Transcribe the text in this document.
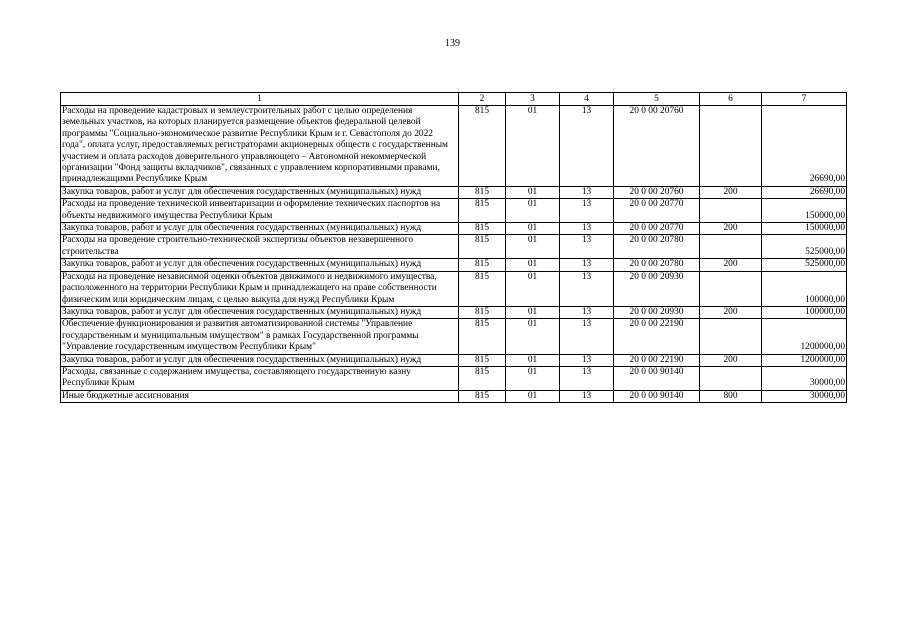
139
1	2	3	4	5	6	7
Расходы на проведение кадастровых и землеустроительных работ с целью определения земельных участков, на которых планируется размещение объектов федеральной целевой программы "Социально-экономическое развитие Республики Крым и г. Севастополя до 2022 года", оплата услуг, предоставляемых регистраторами акционерных обществ с государственным участием и оплата расходов доверительного управляющего – Автономной некоммерческой организации "Фонд защиты вкладчиков", связанных с управлением корпоративными правами, принадлежащими Республике Крым	815	01	13	20 0 00 20760		26690,00
Закупка товаров, работ и услуг для обеспечения государственных (муниципальных) нужд	815	01	13	20 0 00 20760	200	26690,00
Расходы на проведение технической инвентаризации и оформление технических паспортов на объекты недвижимого имущества Республики Крым	815	01	13	20 0 00 20770		150000,00
Закупка товаров, работ и услуг для обеспечения государственных (муниципальных) нужд	815	01	13	20 0 00 20770	200	150000,00
Расходы на проведение строительно-технической экспертизы объектов незавершенного строительства	815	01	13	20 0 00 20780		525000,00
Закупка товаров, работ и услуг для обеспечения государственных (муниципальных) нужд	815	01	13	20 0 00 20780	200	525000,00
Расходы на проведение независимой оценки объектов движимого и недвижимого имущества, расположенного на территории Республики Крым и принадлежащего на праве собственности физическим или юридическим лицам, с целью выкупа для нужд Республики Крым	815	01	13	20 0 00 20930		100000,00
Закупка товаров, работ и услуг для обеспечения государственных (муниципальных) нужд	815	01	13	20 0 00 20930	200	100000,00
Обеспечение функционирования и развития автоматизированной системы "Управление государственным и муниципальным имуществом" в рамках Государственной программы "Управление государственным имуществом Республики Крым"	815	01	13	20 0 00 22190		1200000,00
Закупка товаров, работ и услуг для обеспечения государственных (муниципальных) нужд	815	01	13	20 0 00 22190	200	1200000,00
Расходы, связанные с содержанием имущества, составляющего государственную казну Республики Крым	815	01	13	20 0 00 90140		30000,00
Иные бюджетные ассигнования	815	01	13	20 0 00 90140	800	30000,00
